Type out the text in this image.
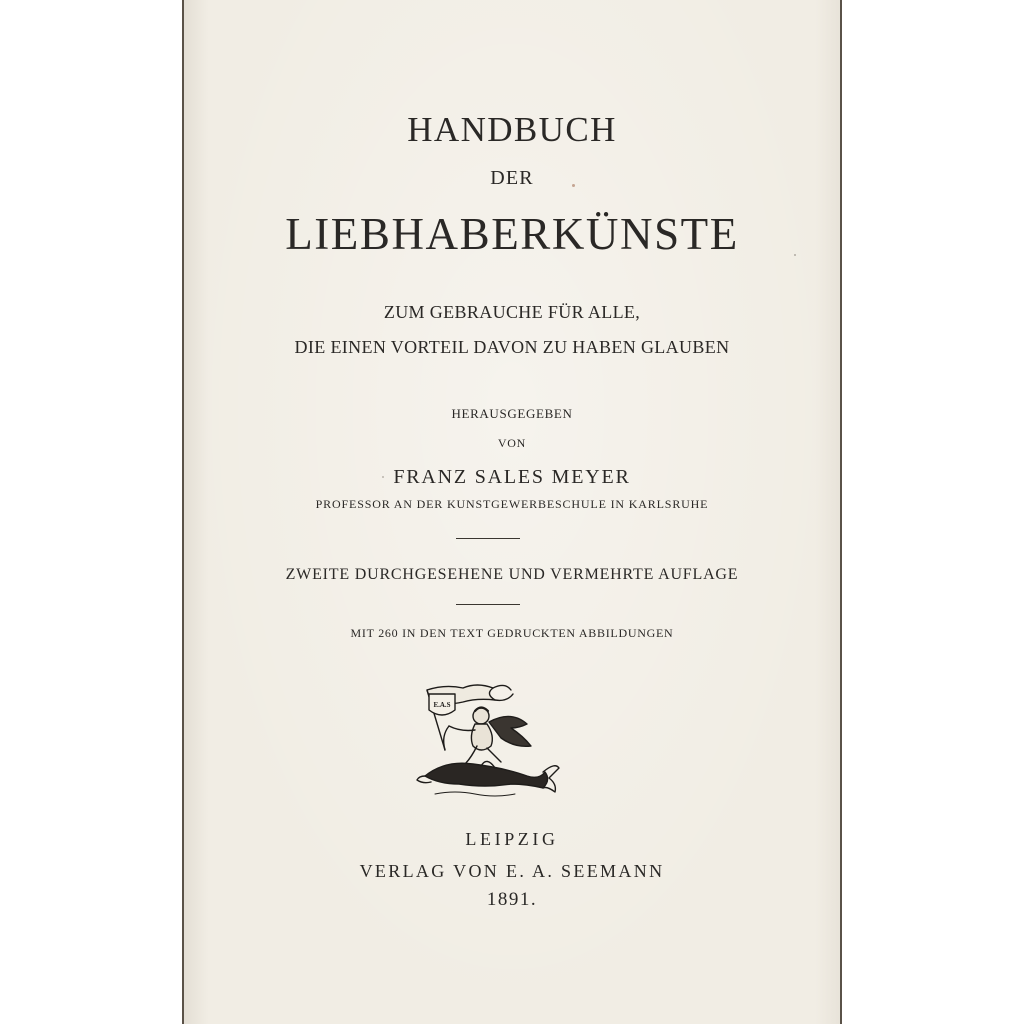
HANDBUCH
DER
LIEBHABERKÜNSTE
ZUM GEBRAUCHE FÜR ALLE,
DIE EINEN VORTEIL DAVON ZU HABEN GLAUBEN
HERAUSGEGEBEN
VON
FRANZ SALES MEYER
PROFESSOR AN DER KUNSTGEWERBESCHULE IN KARLSRUHE
ZWEITE DURCHGESEHENE UND VERMEHRTE AUFLAGE
MIT 260 IN DEN TEXT GEDRUCKTEN ABBILDUNGEN
E.A.S
LEIPZIG
VERLAG VON E. A. SEEMANN
1891.
